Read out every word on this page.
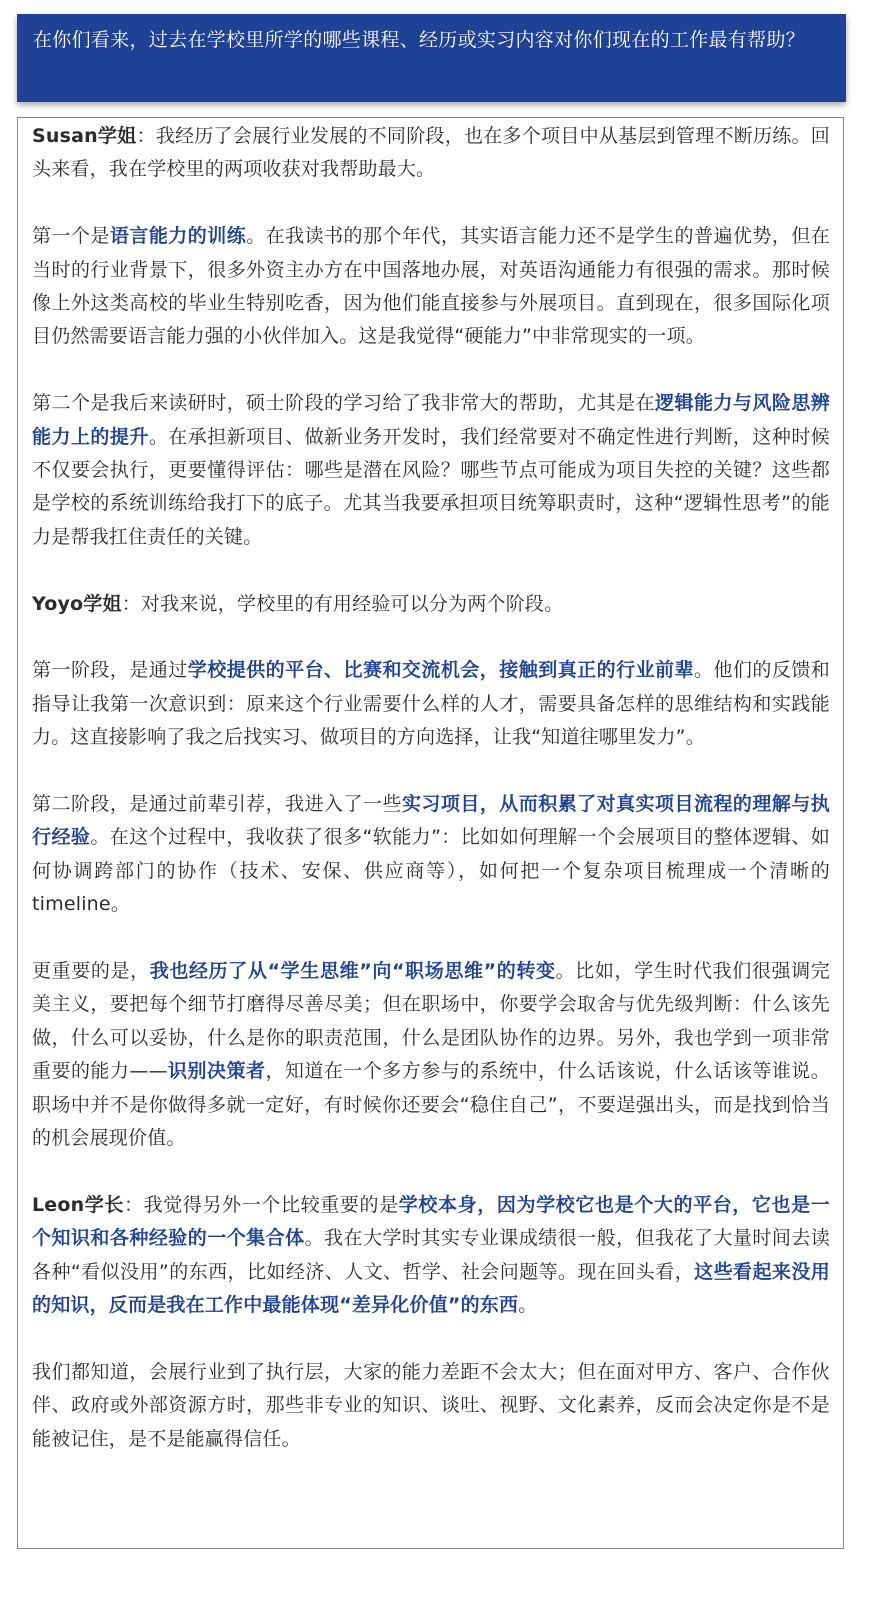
在你们看来，过去在学校里所学的哪些课程、经历或实习内容对你们现在的工作最有帮助？

Susan学姐：我经历了会展行业发展的不同阶段，也在多个项目中从基层到管理不断历练。回头来看，我在学校里的两项收获对我帮助最大。

第一个是语言能力的训练。在我读书的那个年代，其实语言能力还不是学生的普遍优势，但在当时的行业背景下，很多外资主办方在中国落地办展，对英语沟通能力有很强的需求。那时候像上外这类高校的毕业生特别吃香，因为他们能直接参与外展项目。直到现在，很多国际化项目仍然需要语言能力强的小伙伴加入。这是我觉得“硬能力”中非常现实的一项。

第二个是我后来读研时，硕士阶段的学习给了我非常大的帮助，尤其是在逻辑能力与风险思辨能力上的提升。在承担新项目、做新业务开发时，我们经常要对不确定性进行判断，这种时候不仅要会执行，更要懂得评估：哪些是潜在风险？哪些节点可能成为项目失控的关键？这些都是学校的系统训练给我打下的底子。尤其当我要承担项目统筹职责时，这种“逻辑性思考”的能力是帮我扛住责任的关键。

Yoyo学姐：对我来说，学校里的有用经验可以分为两个阶段。

第一阶段，是通过学校提供的平台、比赛和交流机会，接触到真正的行业前辈。他们的反馈和指导让我第一次意识到：原来这个行业需要什么样的人才，需要具备怎样的思维结构和实践能力。这直接影响了我之后找实习、做项目的方向选择，让我“知道往哪里发力”。

第二阶段，是通过前辈引荐，我进入了一些实习项目，从而积累了对真实项目流程的理解与执行经验。在这个过程中，我收获了很多“软能力”：比如如何理解一个会展项目的整体逻辑、如何协调跨部门的协作（技术、安保、供应商等），如何把一个复杂项目梳理成一个清晰的timeline。

更重要的是，我也经历了从“学生思维”向“职场思维”的转变。比如，学生时代我们很强调完美主义，要把每个细节打磨得尽善尽美；但在职场中，你要学会取舍与优先级判断：什么该先做，什么可以妥协，什么是你的职责范围，什么是团队协作的边界。另外，我也学到一项非常重要的能力——识别决策者，知道在一个多方参与的系统中，什么话该说，什么话该等谁说。职场中并不是你做得多就一定好，有时候你还要会“稳住自己”，不要逞强出头，而是找到恰当的机会展现价值。

Leon学长：我觉得另外一个比较重要的是学校本身，因为学校它也是个大的平台，它也是一个知识和各种经验的一个集合体。我在大学时其实专业课成绩很一般，但我花了大量时间去读各种“看似没用”的东西，比如经济、人文、哲学、社会问题等。现在回头看，这些看起来没用的知识，反而是我在工作中最能体现“差异化价值”的东西。

我们都知道，会展行业到了执行层，大家的能力差距不会太大；但在面对甲方、客户、合作伙伴、政府或外部资源方时，那些非专业的知识、谈吐、视野、文化素养，反而会决定你是不是能被记住，是不是能赢得信任。
